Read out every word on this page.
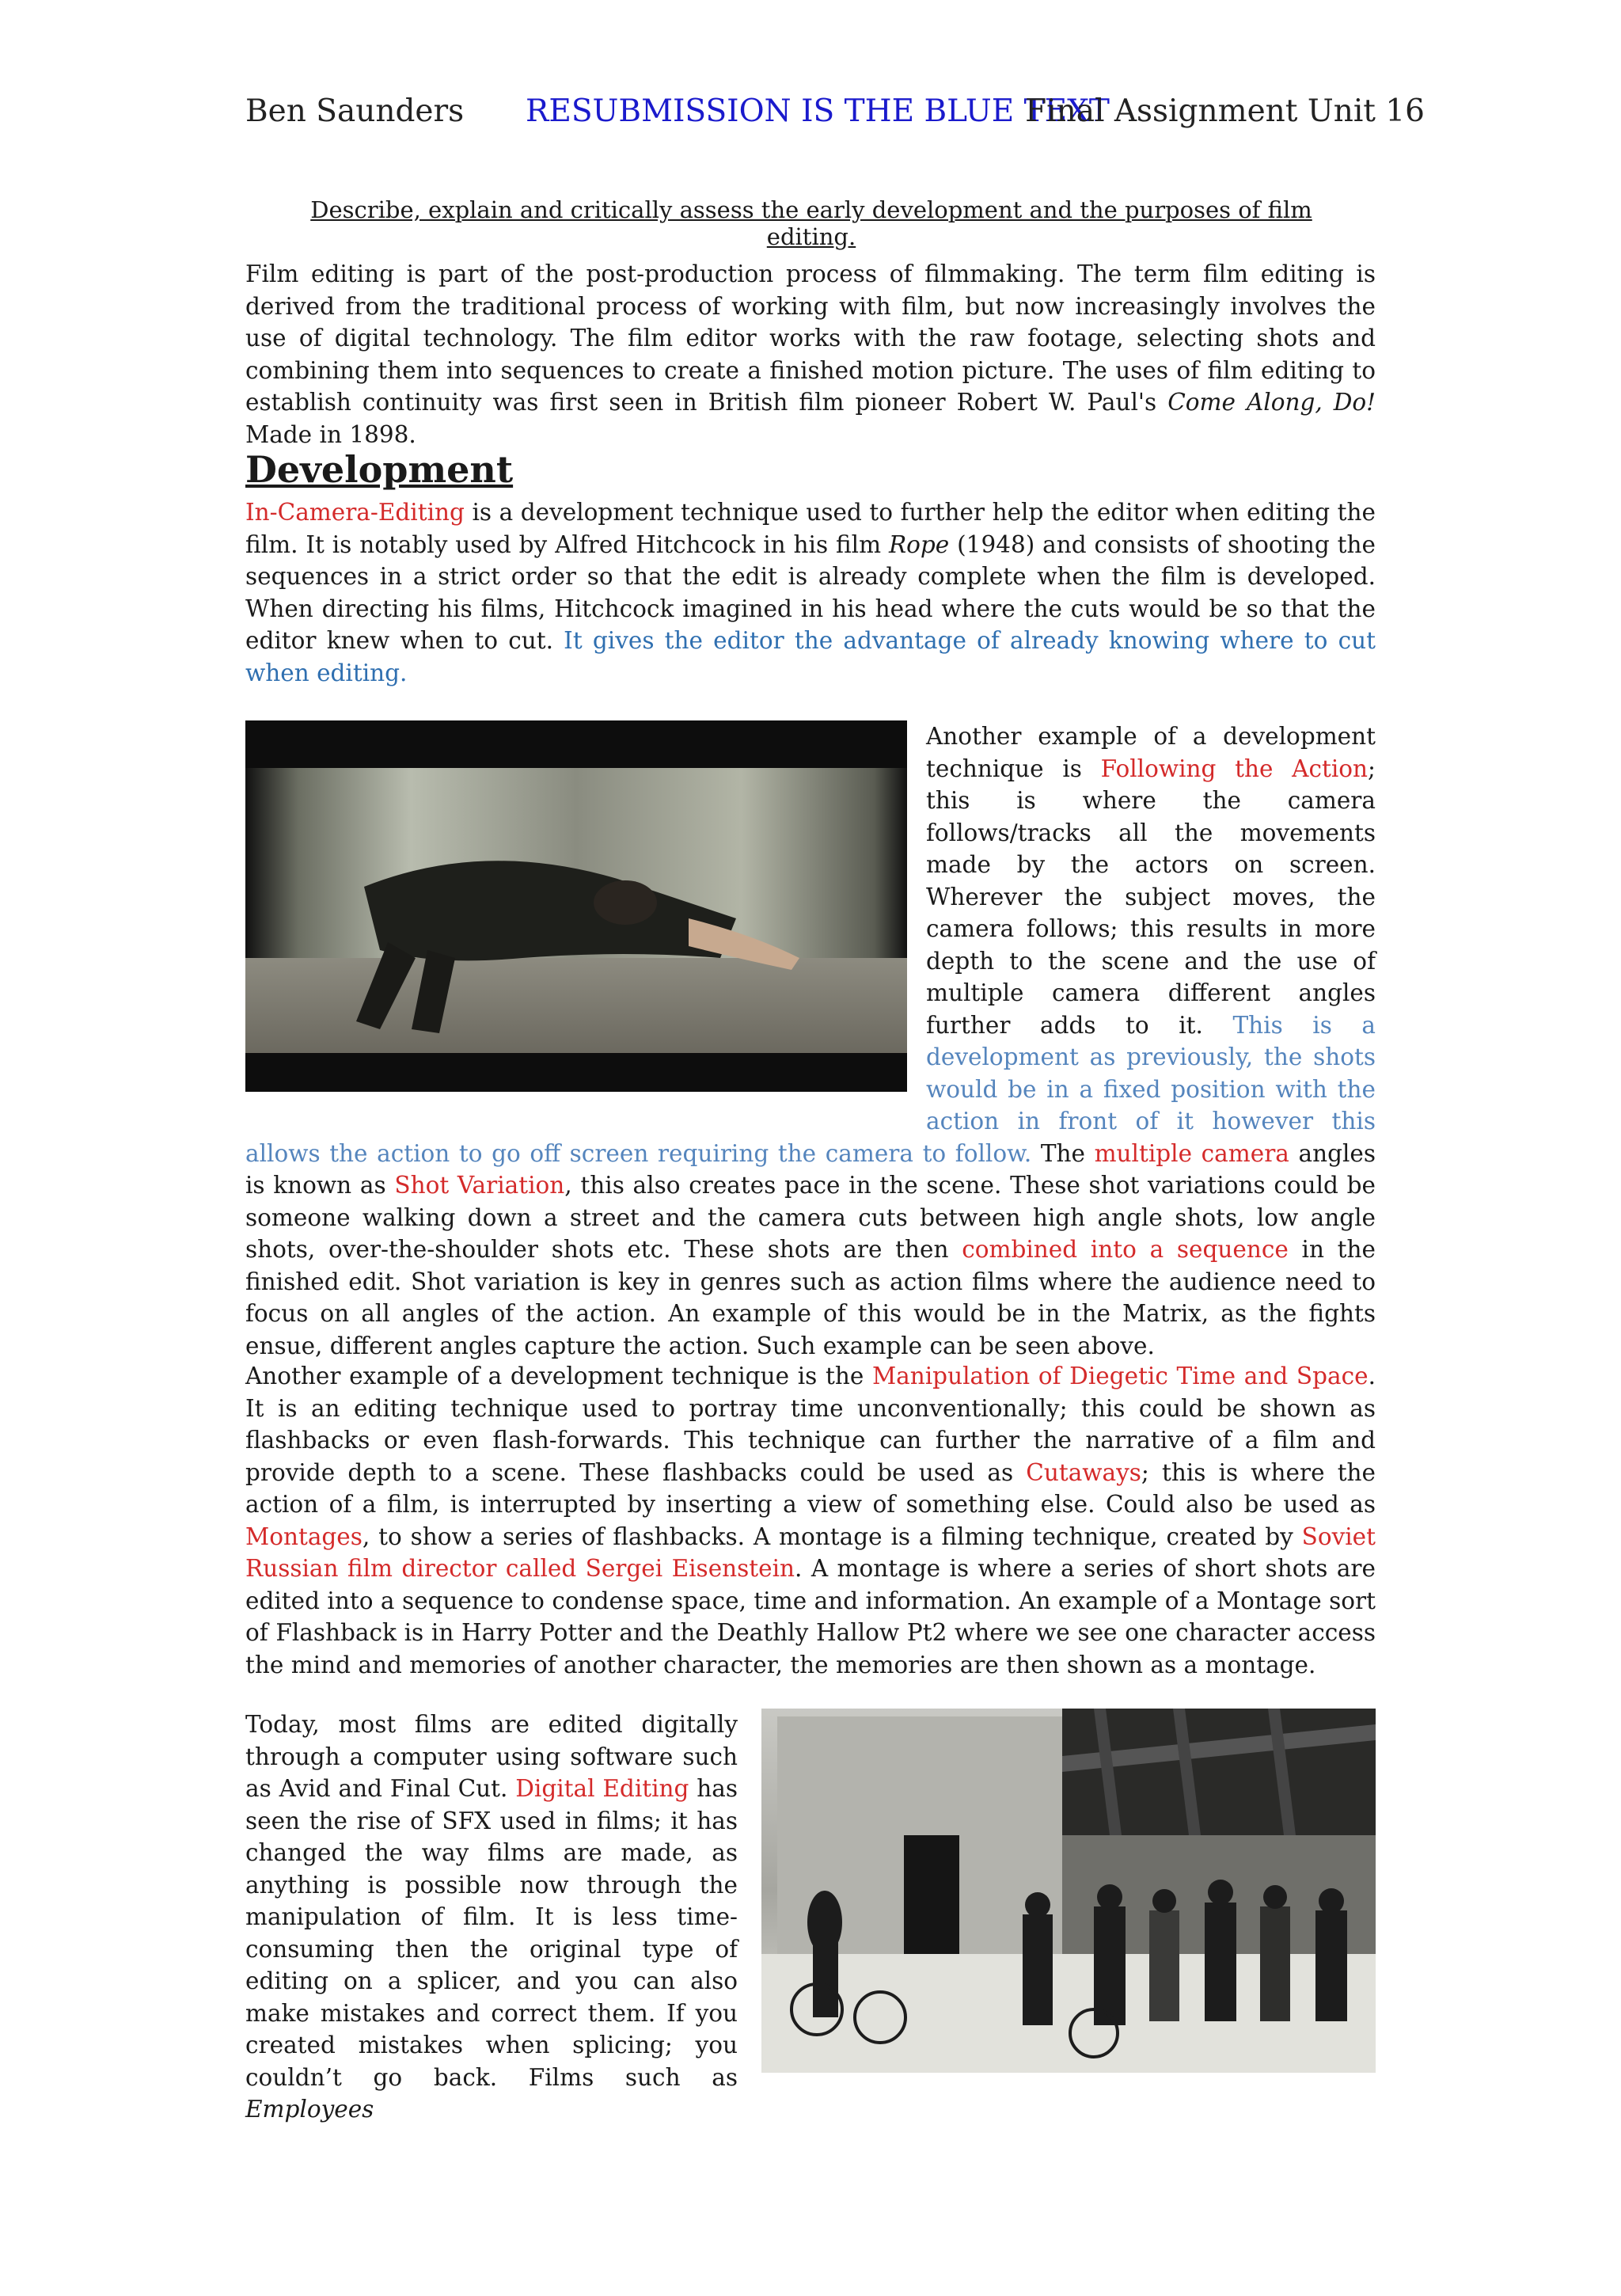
Ben Saunders RESUBMISSION IS THE BLUE TEXT
Final Assignment Unit 16
Describe, explain and critically assess the early development and the purposes of film editing.
Film editing is part of the post-production process of filmmaking. The term film editing is derived from the traditional process of working with film, but now increasingly involves the use of digital technology. The film editor works with the raw footage, selecting shots and combining them into sequences to create a finished motion picture. The uses of film editing to establish continuity was first seen in British film pioneer Robert W. Paul's Come Along, Do! Made in 1898.
Development
In-Camera-Editing is a development technique used to further help the editor when editing the film. It is notably used by Alfred Hitchcock in his film Rope (1948) and consists of shooting the sequences in a strict order so that the edit is already complete when the film is developed. When directing his films, Hitchcock imagined in his head where the cuts would be so that the editor knew when to cut. It gives the editor the advantage of already knowing where to cut when editing.
Another example of a development technique is Following the Action; this is where the camera follows/tracks all the movements made by the actors on screen. Wherever the subject moves, the camera follows; this results in more depth to the scene and the use of multiple camera different angles further adds to it. This is a development as previously, the shots would be in a fixed position with the action in front of it however this allows the action to go off screen requiring the camera to follow. The multiple camera angles is known as Shot Variation, this also creates pace in the scene. These shot variations could be someone walking down a street and the camera cuts between high angle shots, low angle shots, over-the-shoulder shots etc. These shots are then combined into a sequence in the finished edit. Shot variation is key in genres such as action films where the audience need to focus on all angles of the action. An example of this would be in the Matrix, as the fights ensue, different angles capture the action. Such example can be seen above.
Another example of a development technique is the Manipulation of Diegetic Time and Space. It is an editing technique used to portray time unconventionally; this could be shown as flashbacks or even flash-forwards. This technique can further the narrative of a film and provide depth to a scene. These flashbacks could be used as Cutaways; this is where the action of a film, is interrupted by inserting a view of something else. Could also be used as Montages, to show a series of flashbacks. A montage is a filming technique, created by Soviet Russian film director called Sergei Eisenstein. A montage is where a series of short shots are edited into a sequence to condense space, time and information. An example of a Montage sort of Flashback is in Harry Potter and the Deathly Hallow Pt2 where we see one character access the mind and memories of another character, the memories are then shown as a montage.
Today, most films are edited digitally through a computer using software such as Avid and Final Cut. Digital Editing has seen the rise of SFX used in films; it has changed the way films are made, as anything is possible now through the manipulation of film. It is less time-consuming then the original type of editing on a splicer, and you can also make mistakes and correct them. If you created mistakes when splicing; you couldn’t go back. Films such as Employees
